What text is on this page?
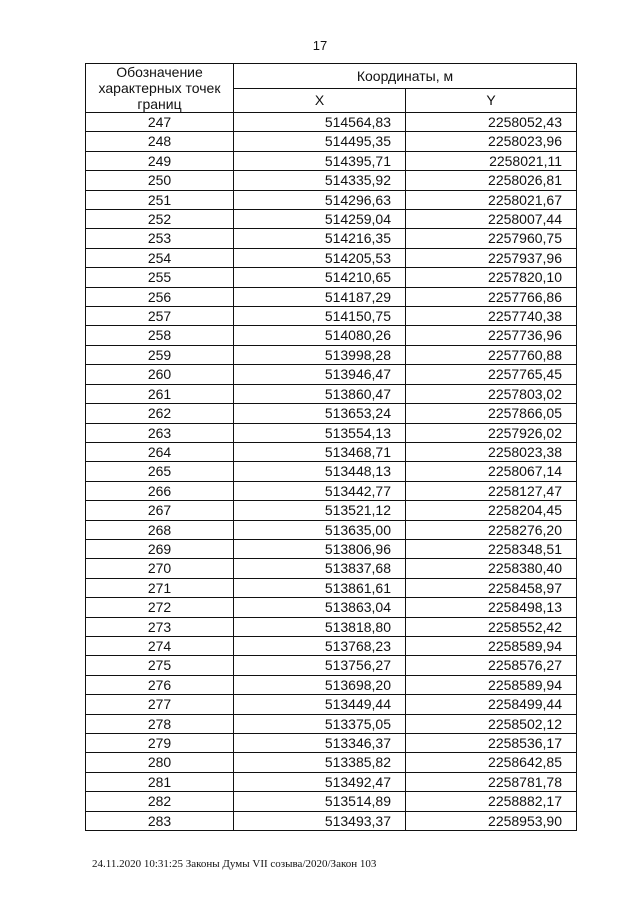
17
Обозначение характерных точек границ	Координаты, м	
	X	Y
247	514564,83	2258052,43
248	514495,35	2258023,96
249	514395,71	2258021,11
250	514335,92	2258026,81
251	514296,63	2258021,67
252	514259,04	2258007,44
253	514216,35	2257960,75
254	514205,53	2257937,96
255	514210,65	2257820,10
256	514187,29	2257766,86
257	514150,75	2257740,38
258	514080,26	2257736,96
259	513998,28	2257760,88
260	513946,47	2257765,45
261	513860,47	2257803,02
262	513653,24	2257866,05
263	513554,13	2257926,02
264	513468,71	2258023,38
265	513448,13	2258067,14
266	513442,77	2258127,47
267	513521,12	2258204,45
268	513635,00	2258276,20
269	513806,96	2258348,51
270	513837,68	2258380,40
271	513861,61	2258458,97
272	513863,04	2258498,13
273	513818,80	2258552,42
274	513768,23	2258589,94
275	513756,27	2258576,27
276	513698,20	2258589,94
277	513449,44	2258499,44
278	513375,05	2258502,12
279	513346,37	2258536,17
280	513385,82	2258642,85
281	513492,47	2258781,78
282	513514,89	2258882,17
283	513493,37	2258953,90
24.11.2020 10:31:25 Законы Думы VII созыва/2020/Закон 103
